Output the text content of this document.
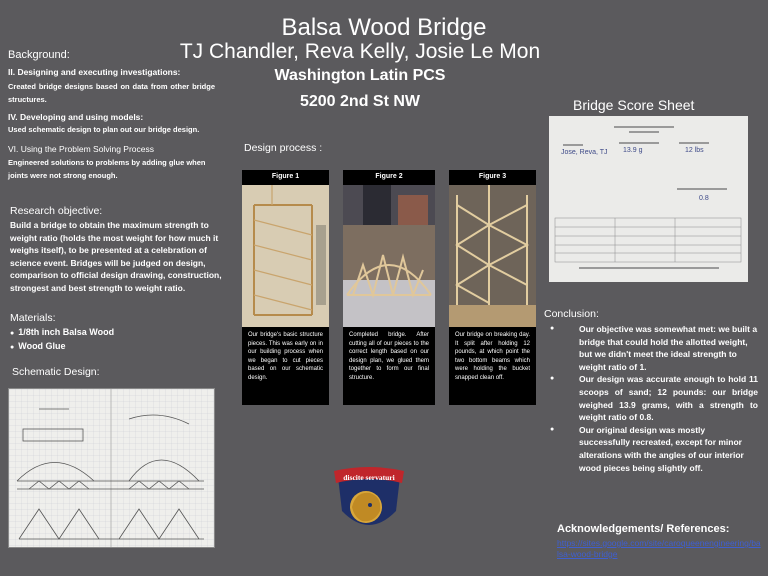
Balsa Wood Bridge
TJ Chandler, Reva Kelly, Josie Le Mon
Washington Latin PCS
5200 2nd St NW
Background:
II. Designing and executing investigations:
Created bridge designs based on data from other bridge structures.
IV. Developing and using models:
Used schematic design to plan out our bridge design.
VI. Using the Problem Solving Process
Engineered solutions to problems by adding glue when joints were not strong enough.
Research objective:
Build a bridge to obtain the maximum strength to weight ratio (holds the most weight for how much it weighs itself), to be presented at a celebration of science event. Bridges will be judged on design, comparison to official design drawing, construction, strongest and best strength to weight ratio.
Materials:
● 1/8th inch Balsa Wood
● Wood Glue
Schematic Design:
Design process :
Figure 1
Our bridge's basic structure pieces. This was early on in our building process when we began to cut pieces based on our schematic design.
Figure 2
Completed bridge. After cutting all of our pieces to the correct length based on our design plan, we glued them together to form our final structure.
Figure 3
Our bridge on breaking day. It split after holding 12 pounds, at which point the two bottom beams which were holding the bucket snapped clean off.
Bridge Score Sheet
Jose, Reva, TJ 13.9 g	12 lbs
0.8
Conclusion:
● Our objective was somewhat met: we built a bridge that could hold the allotted weight, but we didn't meet the ideal strength to weight ratio of 1.
● Our design was accurate enough to hold 11 scoops of sand; 12 pounds: our bridge weighed 13.9 grams, with a strength to weight ratio of 0.8.
● Our original design was mostly successfully recreated, except for minor alterations with the angles of our interior wood pieces being slightly off.
discite servaturi
Acknowledgements/ References:
https://sites.google.com/site/caroqueenengineering/balsa-wood-bridge
